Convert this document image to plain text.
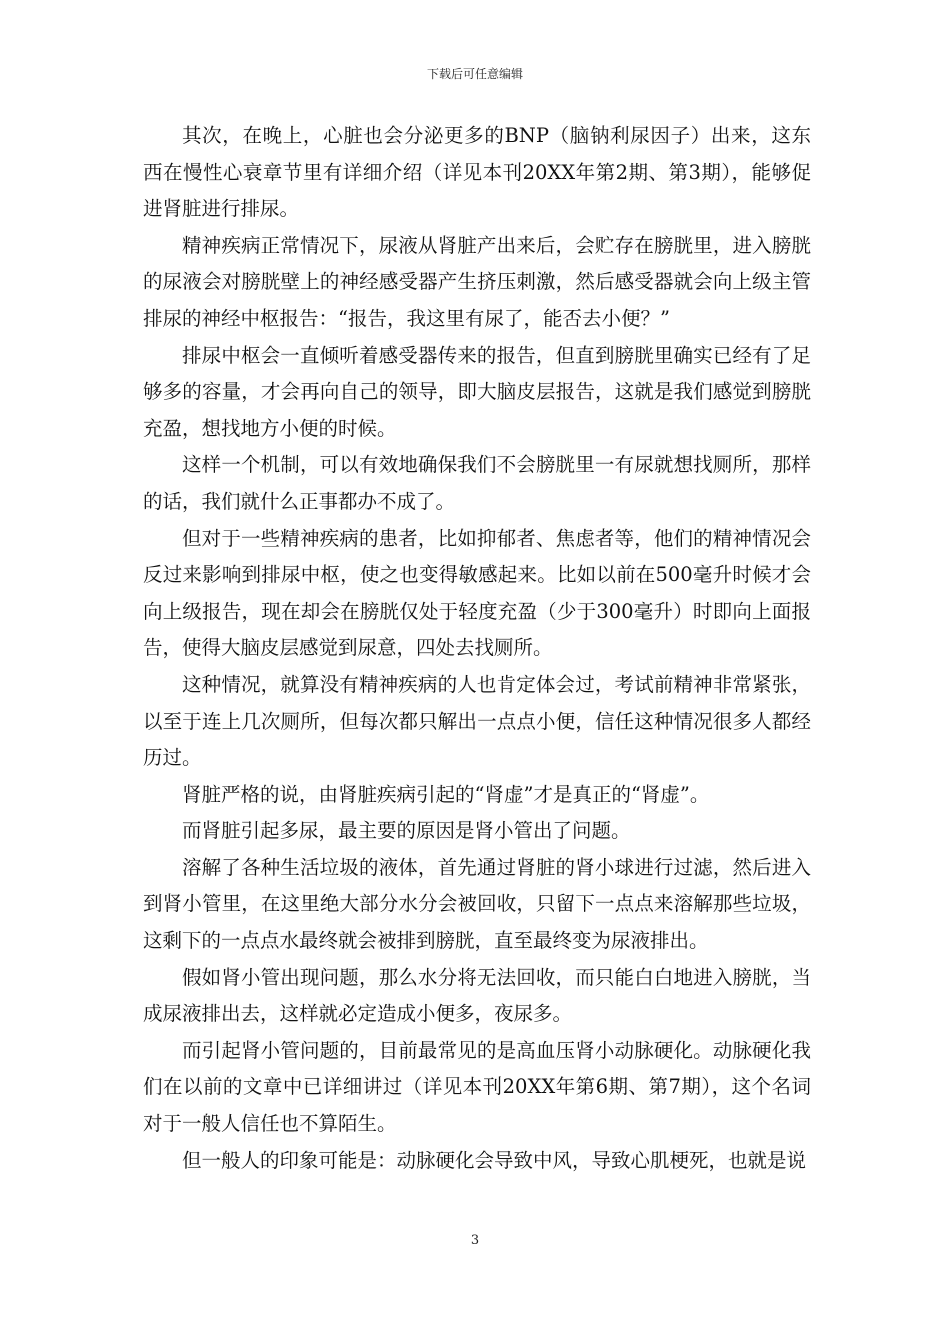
下载后可任意编辑

其次，在晚上，心脏也会分泌更多的BNP（脑钠利尿因子）出来，这东西在慢性心衰章节里有详细介绍（详见本刊20XX年第2期、第3期），能够促进肾脏进行排尿。

精神疾病正常情况下，尿液从肾脏产出来后，会贮存在膀胱里，进入膀胱的尿液会对膀胱壁上的神经感受器产生挤压刺激，然后感受器就会向上级主管排尿的神经中枢报告：“报告，我这里有尿了，能否去小便？”

排尿中枢会一直倾听着感受器传来的报告，但直到膀胱里确实已经有了足够多的容量，才会再向自己的领导，即大脑皮层报告，这就是我们感觉到膀胱充盈，想找地方小便的时候。

这样一个机制，可以有效地确保我们不会膀胱里一有尿就想找厕所，那样的话，我们就什么正事都办不成了。

但对于一些精神疾病的患者，比如抑郁者、焦虑者等，他们的精神情况会反过来影响到排尿中枢，使之也变得敏感起来。比如以前在500毫升时候才会向上级报告，现在却会在膀胱仅处于轻度充盈（少于300毫升）时即向上面报告，使得大脑皮层感觉到尿意，四处去找厕所。

这种情况，就算没有精神疾病的人也肯定体会过，考试前精神非常紧张，以至于连上几次厕所，但每次都只解出一点点小便，信任这种情况很多人都经历过。

肾脏严格的说，由肾脏疾病引起的“肾虚”才是真正的“肾虚”。

而肾脏引起多尿，最主要的原因是肾小管出了问题。

溶解了各种生活垃圾的液体，首先通过肾脏的肾小球进行过滤，然后进入到肾小管里，在这里绝大部分水分会被回收，只留下一点点来溶解那些垃圾，这剩下的一点点水最终就会被排到膀胱，直至最终变为尿液排出。

假如肾小管出现问题，那么水分将无法回收，而只能白白地进入膀胱，当成尿液排出去，这样就必定造成小便多，夜尿多。

而引起肾小管问题的，目前最常见的是高血压肾小动脉硬化。动脉硬化我们在以前的文章中已详细讲过（详见本刊20XX年第6期、第7期），这个名词对于一般人信任也不算陌生。

但一般人的印象可能是：动脉硬化会导致中风，导致心肌梗死，也就是说

3
